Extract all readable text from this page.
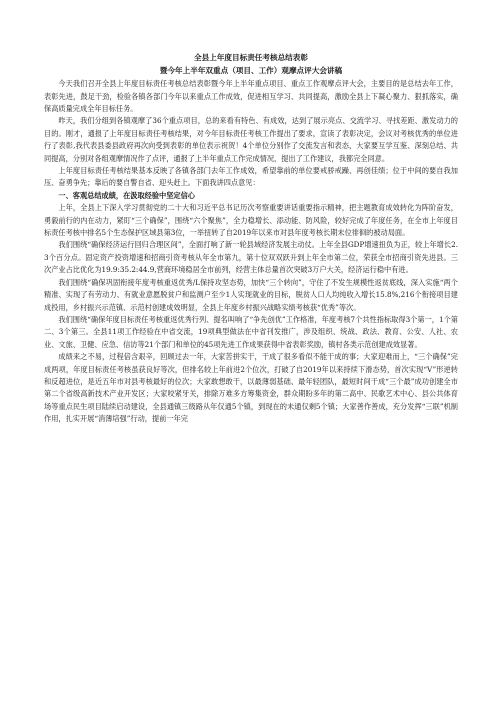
全县上年度目标责任考核总结表彰
暨今年上半年双重点（项目、工作）观摩点评大会讲稿

今天我们召开全县上年度目标责任考核总结表彰暨今年上半年重点项目、重点工作观摩点评大会，主要目的是总结去年工作，表彰先进，鼓足干劲，检验各镇各部门今年以来重点工作成效，促进相互学习、共同提高，激励全县上下凝心聚力、狠抓落实，确保高质量完成全年目标任务。

昨天，我们分组到各镇观摩了36个重点项目，总的来看有特色、有成效，达到了展示亮点、交流学习、寻找差距、激发动力的目的。刚才，通报了上年度目标责任考核结果，对今年目标责任考核工作提出了要求，宣读了表彰决定，会议对考核优秀的单位进行了表彰,我代表县委县政府再次向受到表彰的单位表示祝贺！4个单位分别作了交流发言和表态，大家要互学互鉴、深刻总结、共同提高，分别对各组观摩情况作了点评，通报了上半年重点工作完成情况，提出了工作建议，我都完全同意。

上年度目标责任考核结果基本反映了各镇各部门去年工作成效，希望靠前的单位要戒骄戒躁、再创佳绩；位于中间的要自我加压、奋勇争先；靠后的要自警自省、迎头赶上。下面我讲四点意见：

一、客观总结成绩，在汲取经验中坚定信心

上年，全县上下深入学习贯彻党的二十大和习近平总书记历次考察重要讲话重要指示精神，把主题教育成效转化为阵阶奋发，勇毅前行的内在动力，紧盯“三个确保”，围绕“六个聚焦”，全力稳增长、添动能、防风险，较好完成了年度任务，在全市上年度目标责任考核中排名5个生态保护区域县第3位，一举扭转了自2019年以来市对县年度考核长期末位徘徊的被动局面。

我们围绕“确保经济运行回归合理区间”，全面打响了新一轮县域经济发展主动仗。上年全县GDP增速扭负为正，较上年增长2.3个百分点。固定资产投资增速和招商引资考核从年全市第九，第十位双双跃升到上年全市第二位，荣获全市招商引资先进县。三次产业占比优化为19.9:35.2:44.9,营商环境稳居全市前列，经营主体总量首次突破3万户大关，经济运行稳中有进。

我们围绕“确保巩固衔接年度考核重返优秀/L保持攻坚态势，加快“三个转向”，守住了不发生规模性返贫底线，深入实施“两个精准、实现了有劳动力、有就业意愿脱贫户和监测户至少1人实现就业的目标，脱贫人口人均纯收入增长15.8%,216个衔接项目建成投用，乡村振兴示范镇、示范村创建成效明显，全县上年度乡村振兴战略实绩考核获“优秀”等次。

我们围绕“确保年度目标责任考核重返优秀行列、提名叫响了“争先创优”工作格准，年度考核7个共性指标取得3个第一，1个第二、3个第三。全县11项工作经验在中省交流，19项典型做法在中省刊发推广，涉及组织、统战、政法、教育、公安、人社、农业、文旅、卫健、应急、信访等21个部门和单位的45项先进工作成果获得中省表彰奖励，镇村各类示范创建成效显著。

成绩来之不易，过程倍含艰辛，回顾过去一年，大家苦拼实干，干成了很多看似不能干成的事；大家迎难而上，“三个确保”完成两项，年度目标责任考核虽获良好等次，但排名较上年前进2个位次，打破了自2019年以来持续下滑态势，首次实现“V”形逆转和反超进位，是近五年市对县考核最好的位次；大家敢想敢干，以最薄弱基础、最年轻团队，最短时间干成“三个最”成功创建全市第二个省级高新技术产业开发区；大家咬紧牙关，排除万难多方筹集资金，群众期盼多年的第二高中、民歌艺术中心、县公共体育场等重点民生项目陆续启动建设，全县通镇三级路从年仅通5个镇，到现在的未通仅剩5个镇；大家善作善成，充分发挥“三联”机制作用，扎实开展“消薄培强”行动，提前一年完
